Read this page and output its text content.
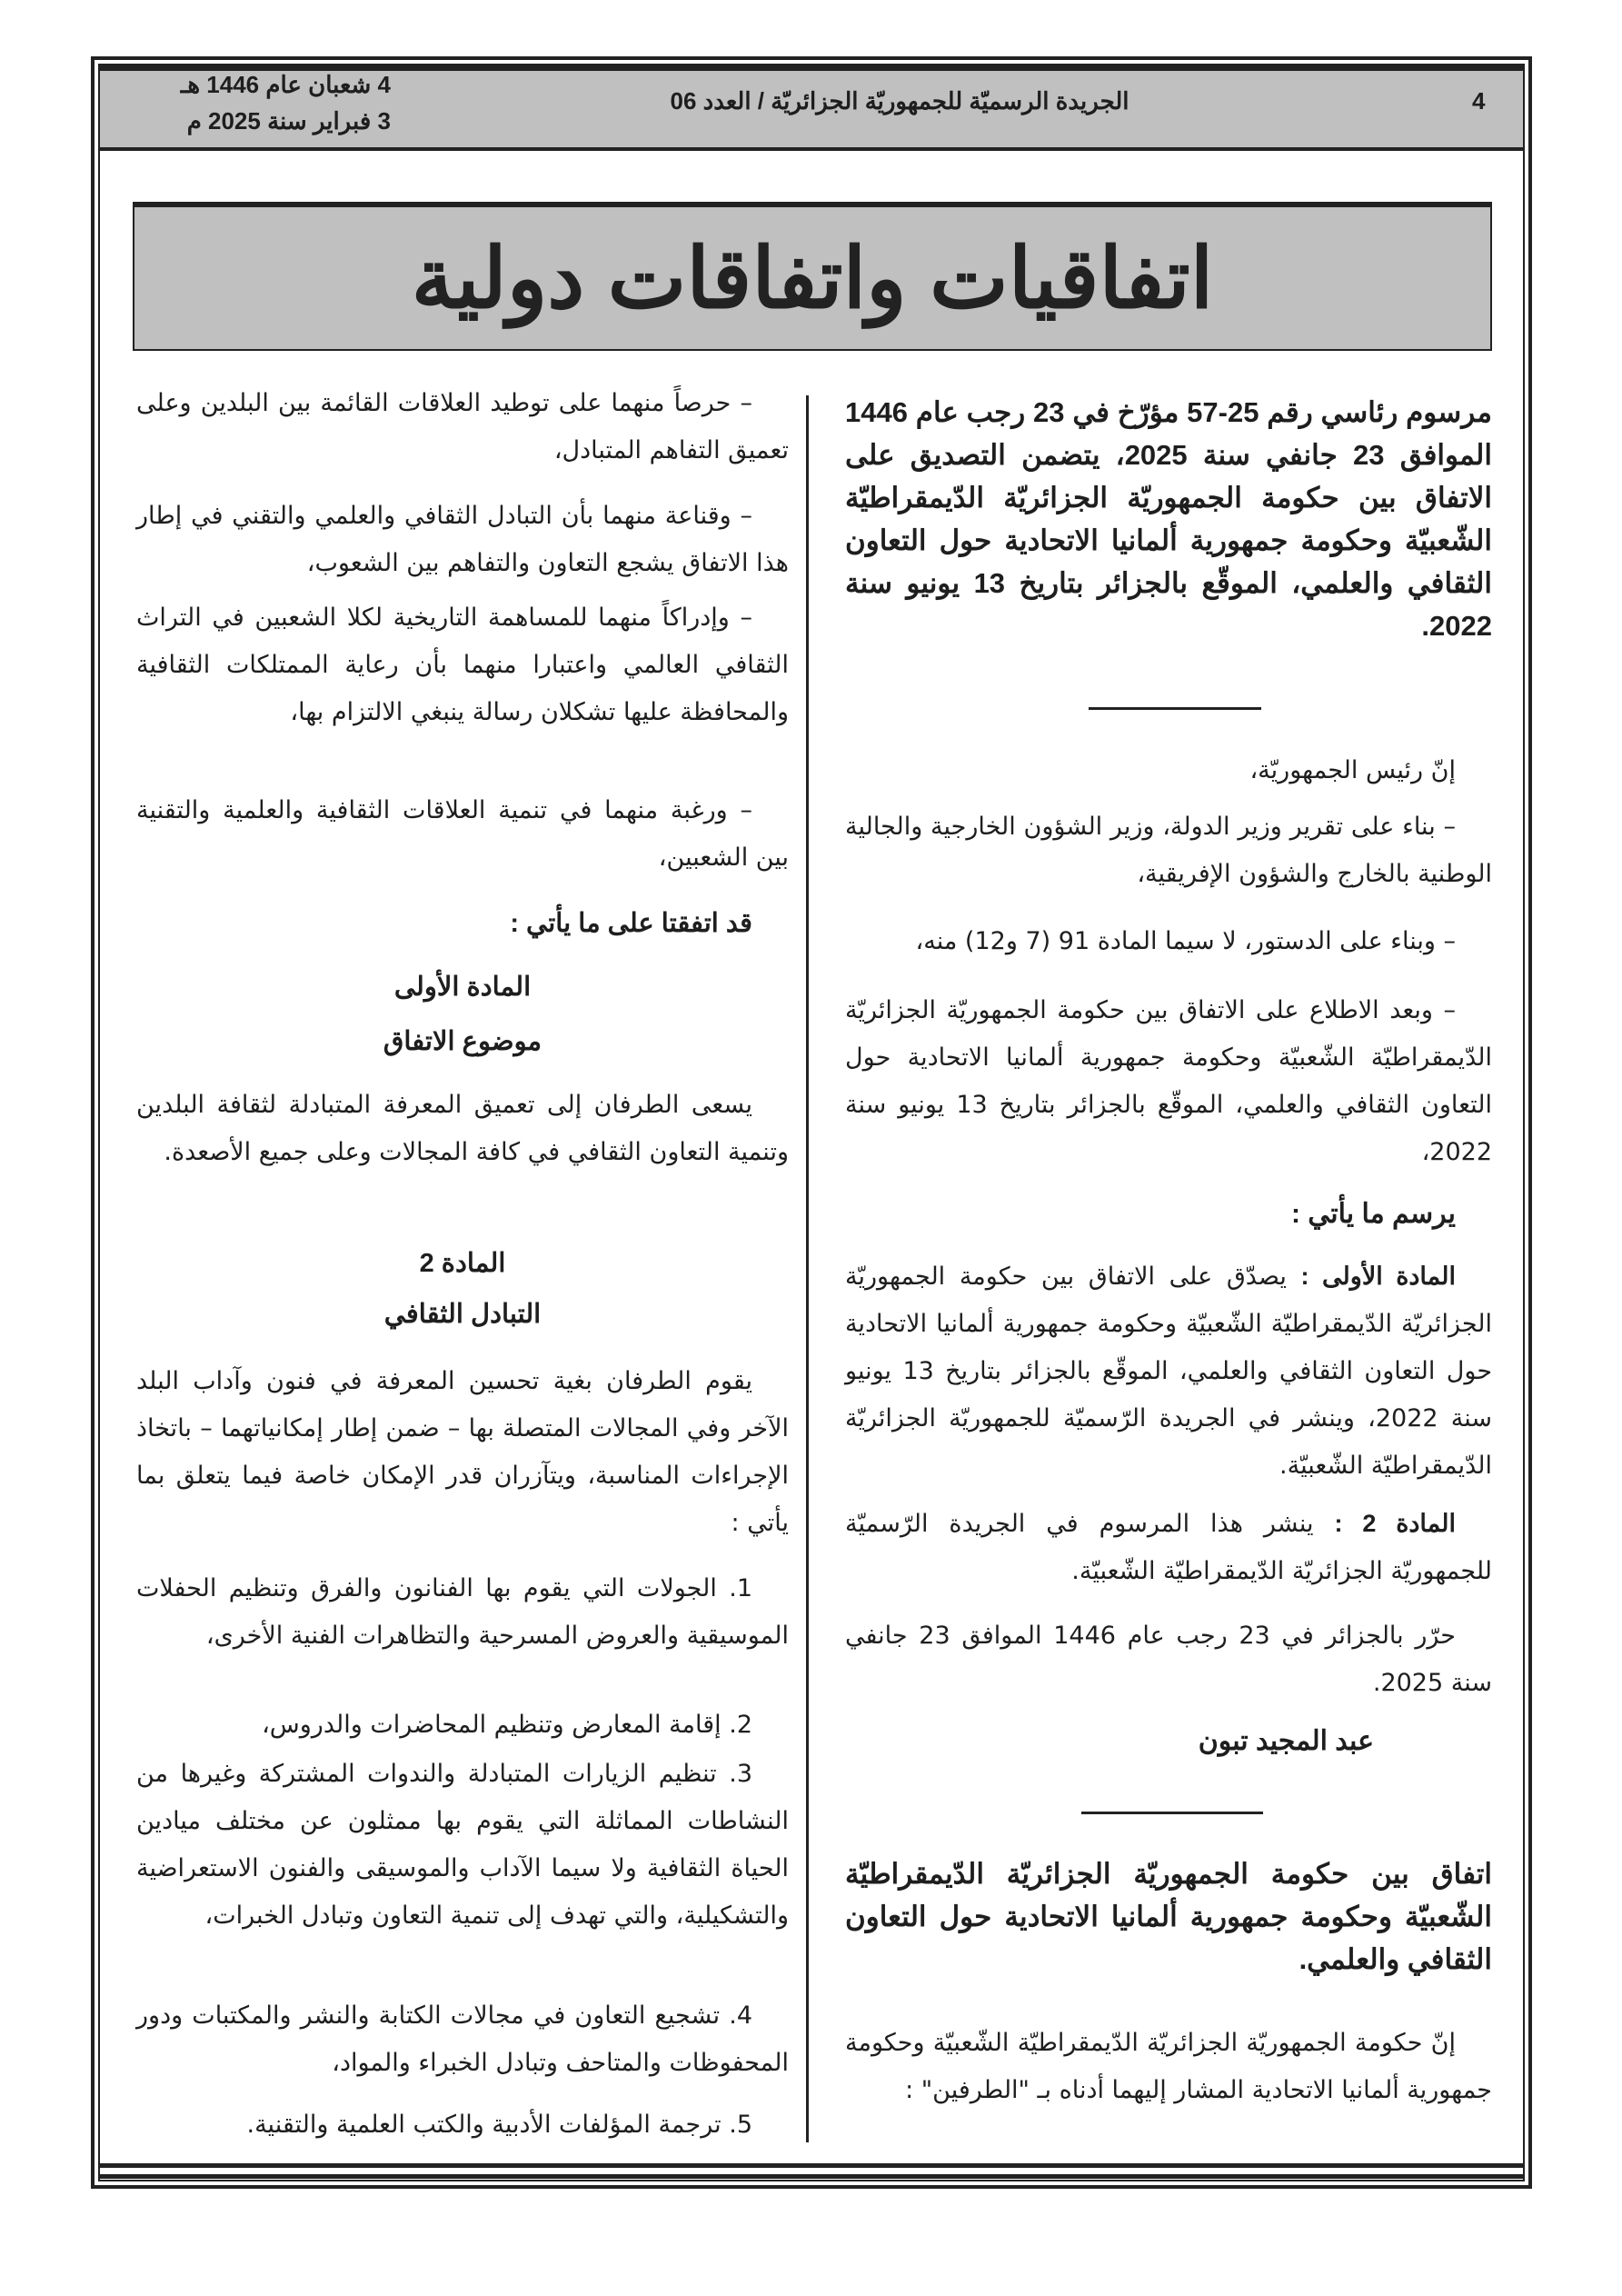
4
الجريدة الرسميّة للجمهوريّة الجزائريّة / العدد 06
4 شعبان عام 1446 هـ
3 فبراير سنة 2025 م
اتفاقيات واتفاقات دولية

مرسوم رئاسي رقم 25-57 مؤرّخ في 23 رجب عام 1446 الموافق 23 جانفي سنة 2025، يتضمن التصديق على الاتفاق بين حكومة الجمهوريّة الجزائريّة الدّيمقراطيّة الشّعبيّة وحكومة جمهورية ألمانيا الاتحادية حول التعاون الثقافي والعلمي، الموقّع بالجزائر بتاريخ 13 يونيو سنة 2022.

إنّ رئيس الجمهوريّة،

– بناء على تقرير وزير الدولة، وزير الشؤون الخارجية والجالية الوطنية بالخارج والشؤون الإفريقية،

– وبناء على الدستور، لا سيما المادة 91 (7 و12) منه،

– وبعد الاطلاع على الاتفاق بين حكومة الجمهوريّة الجزائريّة الدّيمقراطيّة الشّعبيّة وحكومة جمهورية ألمانيا الاتحادية حول التعاون الثقافي والعلمي، الموقّع بالجزائر بتاريخ 13 يونيو سنة 2022،

يرسم ما يأتي :

المادة الأولى : يصدّق على الاتفاق بين حكومة الجمهوريّة الجزائريّة الدّيمقراطيّة الشّعبيّة وحكومة جمهورية ألمانيا الاتحادية حول التعاون الثقافي والعلمي، الموقّع بالجزائر بتاريخ 13 يونيو سنة 2022، وينشر في الجريدة الرّسميّة للجمهوريّة الجزائريّة الدّيمقراطيّة الشّعبيّة.

المادة 2 : ينشر هذا المرسوم في الجريدة الرّسميّة للجمهوريّة الجزائريّة الدّيمقراطيّة الشّعبيّة.

حرّر بالجزائر في 23 رجب عام 1446 الموافق 23 جانفي سنة 2025.

عبد المجيد تبون

اتفاق بين حكومة الجمهوريّة الجزائريّة الدّيمقراطيّة الشّعبيّة وحكومة جمهورية ألمانيا الاتحادية حول التعاون الثقافي والعلمي.

إنّ حكومة الجمهوريّة الجزائريّة الدّيمقراطيّة الشّعبيّة وحكومة جمهورية ألمانيا الاتحادية المشار إليهما أدناه بـ "الطرفين" :

– حرصاً منهما على توطيد العلاقات القائمة بين البلدين وعلى تعميق التفاهم المتبادل،

– وقناعة منهما بأن التبادل الثقافي والعلمي والتقني في إطار هذا الاتفاق يشجع التعاون والتفاهم بين الشعوب،

– وإدراكاً منهما للمساهمة التاريخية لكلا الشعبين في التراث الثقافي العالمي واعتبارا منهما بأن رعاية الممتلكات الثقافية والمحافظة عليها تشكلان رسالة ينبغي الالتزام بها،

– ورغبة منهما في تنمية العلاقات الثقافية والعلمية والتقنية بين الشعبين،

قد اتفقتا على ما يأتي :

المادة الأولى

موضوع الاتفاق

يسعى الطرفان إلى تعميق المعرفة المتبادلة لثقافة البلدين وتنمية التعاون الثقافي في كافة المجالات وعلى جميع الأصعدة.

المادة 2

التبادل الثقافي

يقوم الطرفان بغية تحسين المعرفة في فنون وآداب البلد الآخر وفي المجالات المتصلة بها – ضمن إطار إمكانياتهما – باتخاذ الإجراءات المناسبة، ويتآزران قدر الإمكان خاصة فيما يتعلق بما يأتي :

1. الجولات التي يقوم بها الفنانون والفرق وتنظيم الحفلات الموسيقية والعروض المسرحية والتظاهرات الفنية الأخرى،

2. إقامة المعارض وتنظيم المحاضرات والدروس،

3. تنظيم الزيارات المتبادلة والندوات المشتركة وغيرها من النشاطات المماثلة التي يقوم بها ممثلون عن مختلف ميادين الحياة الثقافية ولا سيما الآداب والموسيقى والفنون الاستعراضية والتشكيلية، والتي تهدف إلى تنمية التعاون وتبادل الخبرات،

4. تشجيع التعاون في مجالات الكتابة والنشر والمكتبات ودور المحفوظات والمتاحف وتبادل الخبراء والمواد،

5. ترجمة المؤلفات الأدبية والكتب العلمية والتقنية.
